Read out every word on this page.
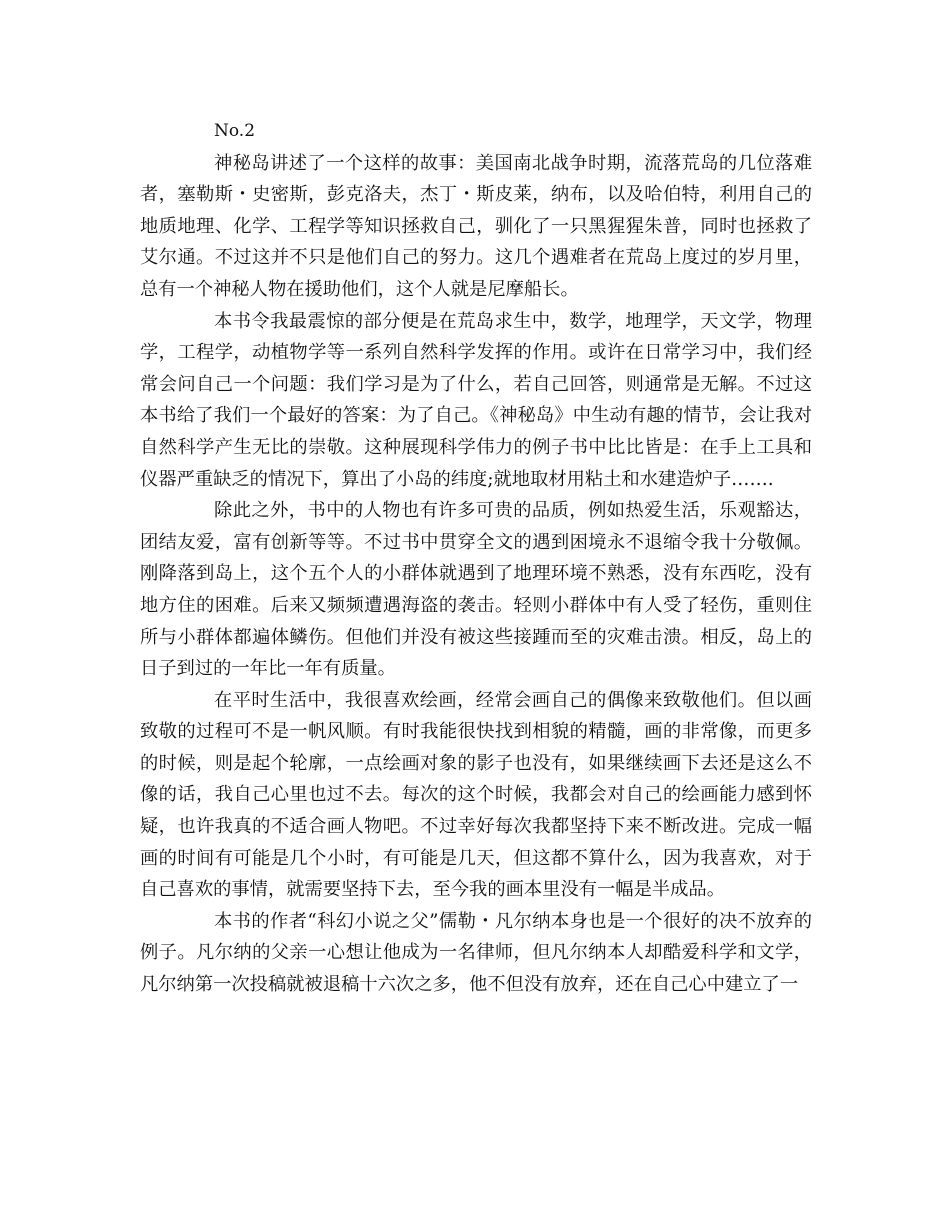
No.2

神秘岛讲述了一个这样的故事：美国南北战争时期，流落荒岛的几位落难者，塞勒斯・史密斯，彭克洛夫，杰丁・斯皮莱，纳布，以及哈伯特，利用自己的地质地理、化学、工程学等知识拯救自己，驯化了一只黑猩猩朱普，同时也拯救了艾尔通。不过这并不只是他们自己的努力。这几个遇难者在荒岛上度过的岁月里，总有一个神秘人物在援助他们，这个人就是尼摩船长。

本书令我最震惊的部分便是在荒岛求生中，数学，地理学，天文学，物理学，工程学，动植物学等一系列自然科学发挥的作用。或许在日常学习中，我们经常会问自己一个问题：我们学习是为了什么，若自己回答，则通常是无解。不过这本书给了我们一个最好的答案：为了自己。《神秘岛》中生动有趣的情节，会让我对自然科学产生无比的崇敬。这种展现科学伟力的例子书中比比皆是：在手上工具和仪器严重缺乏的情况下，算出了小岛的纬度;就地取材用粘土和水建造炉子…….

除此之外，书中的人物也有许多可贵的品质，例如热爱生活，乐观豁达，团结友爱，富有创新等等。不过书中贯穿全文的遇到困境永不退缩令我十分敬佩。刚降落到岛上，这个五个人的小群体就遇到了地理环境不熟悉，没有东西吃，没有地方住的困难。后来又频频遭遇海盗的袭击。轻则小群体中有人受了轻伤，重则住所与小群体都遍体鳞伤。但他们并没有被这些接踵而至的灾难击溃。相反，岛上的日子到过的一年比一年有质量。

在平时生活中，我很喜欢绘画，经常会画自己的偶像来致敬他们。但以画致敬的过程可不是一帆风顺。有时我能很快找到相貌的精髓，画的非常像，而更多的时候，则是起个轮廓，一点绘画对象的影子也没有，如果继续画下去还是这么不像的话，我自己心里也过不去。每次的这个时候，我都会对自己的绘画能力感到怀疑，也许我真的不适合画人物吧。不过幸好每次我都坚持下来不断改进。完成一幅画的时间有可能是几个小时，有可能是几天，但这都不算什么，因为我喜欢，对于自己喜欢的事情，就需要坚持下去，至今我的画本里没有一幅是半成品。

本书的作者“科幻小说之父”儒勒・凡尔纳本身也是一个很好的决不放弃的例子。凡尔纳的父亲一心想让他成为一名律师，但凡尔纳本人却酷爱科学和文学，凡尔纳第一次投稿就被退稿十六次之多，他不但没有放弃，还在自己心中建立了一
